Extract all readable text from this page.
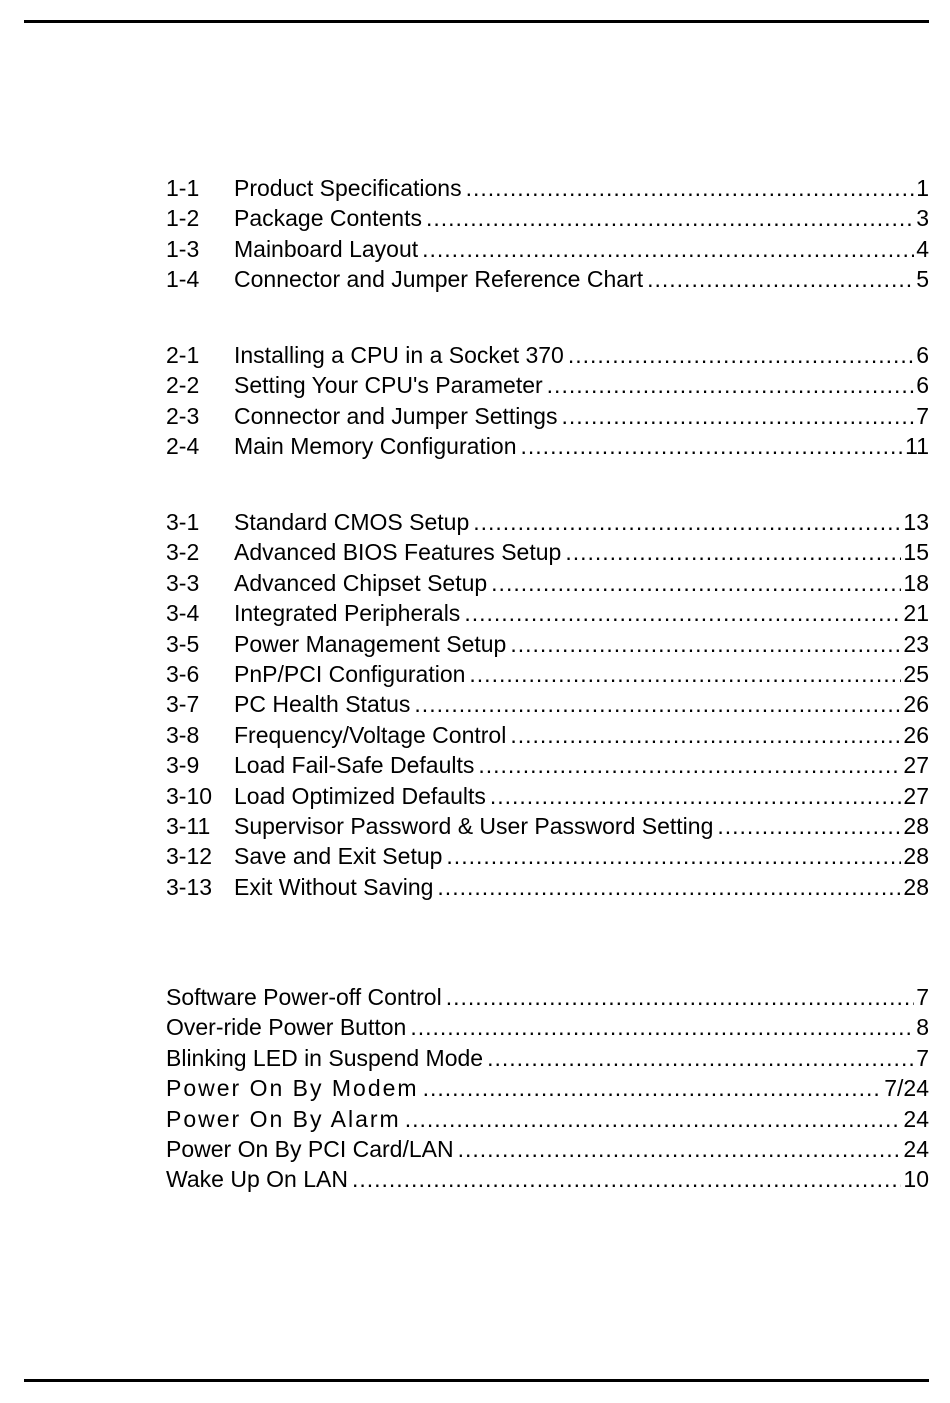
1-1	Product Specifications .....	1
1-2	Package Contents .....	3
1-3	Mainboard Layout .....	4
1-4	Connector and Jumper Reference Chart .....	5
2-1	Installing a CPU in a Socket 370 .....	6
2-2	Setting Your CPU's Parameter .....	6
2-3	Connector and Jumper Settings .....	7
2-4	Main Memory Configuration .....	11
3-1	Standard CMOS Setup .....	13
3-2	Advanced BIOS Features Setup .....	15
3-3	Advanced Chipset Setup .....	18
3-4	Integrated Peripherals .....	21
3-5	Power Management Setup .....	23
3-6	PnP/PCI Configuration .....	25
3-7	PC Health Status .....	26
3-8	Frequency/Voltage Control .....	26
3-9	Load Fail-Safe Defaults .....	27
3-10 Load Optimized Defaults .....	27
3-11	Supervisor Password & User Password Setting .....	28
3-12 Save and Exit Setup .....	28
3-13 Exit Without Saving .....	28
Software Power-off Control .....	7
Over-ride Power Button .....	8
Blinking LED in Suspend Mode .....	7
Power On By Modem .....	7/24
Power On By Alarm .....	24
Power On By PCI Card/LAN .....	24
Wake Up On LAN .....	10
